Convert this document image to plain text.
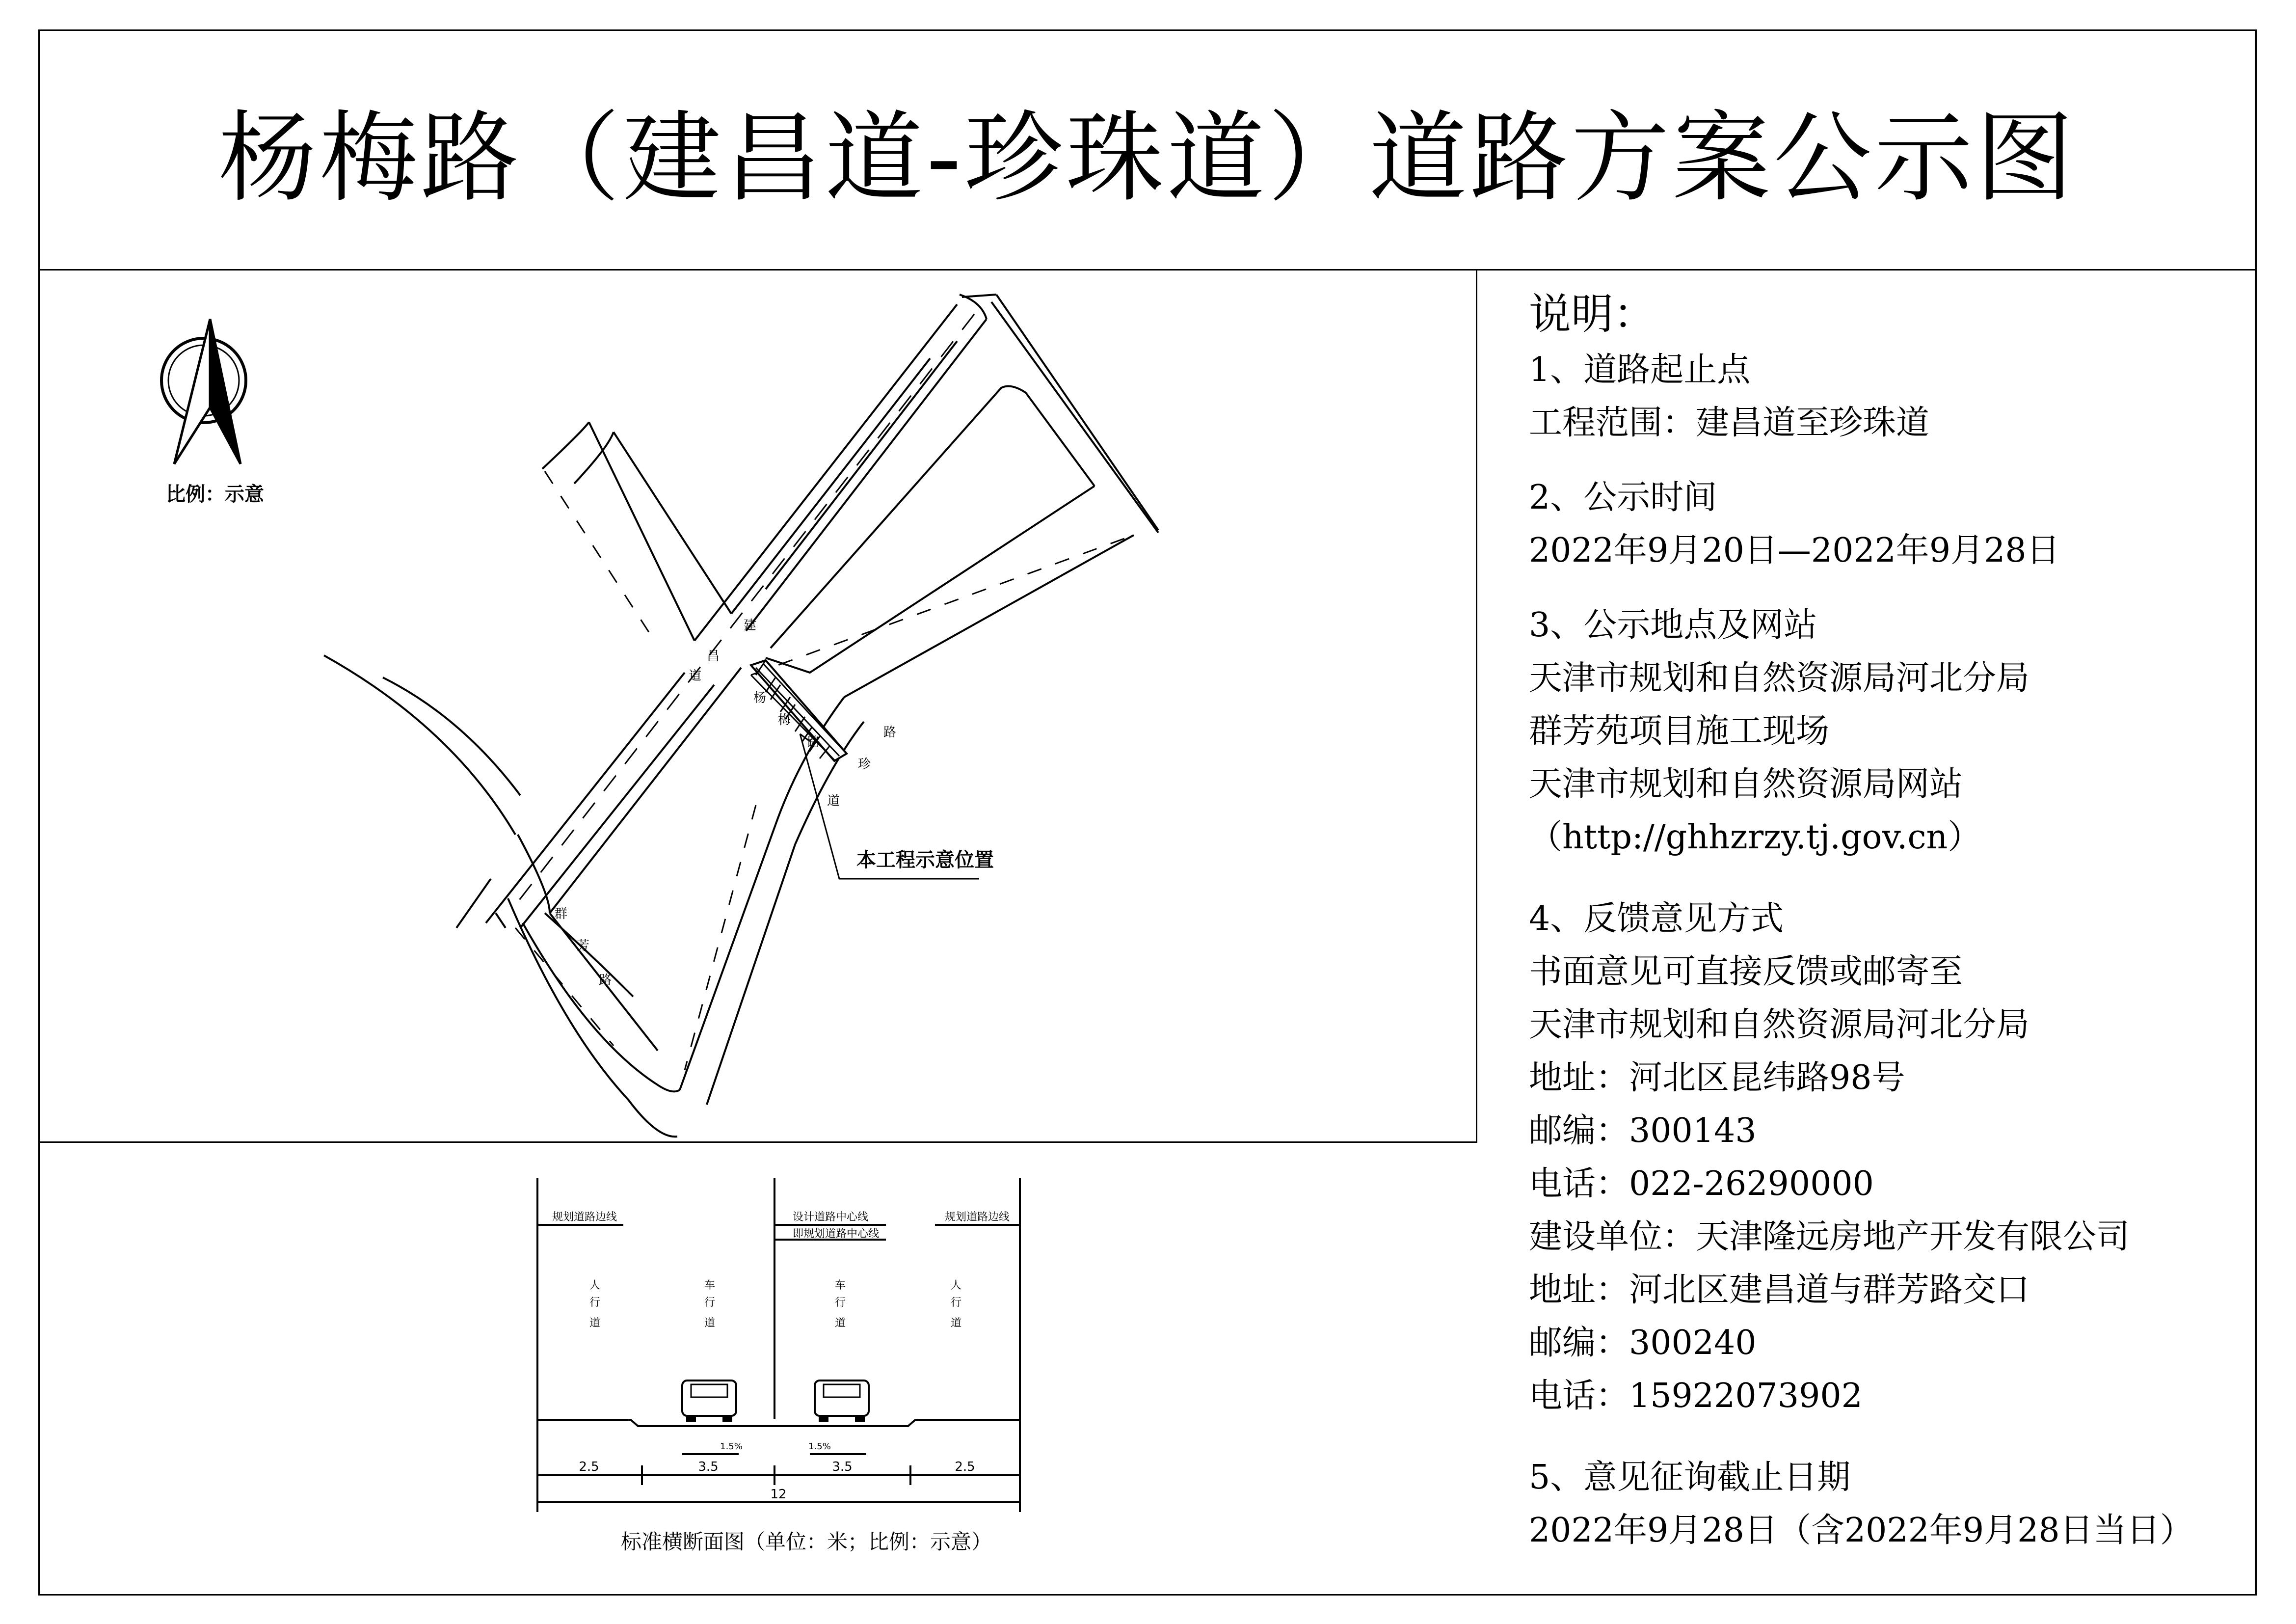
杨梅路（建昌道-珍珠道）道路方案公示图
比例：示意
本工程示意位置
建
昌
道
杨
梅
路
路
珍
道
群
芳
路
规划道路边线	设计道路中心线
即规划道路中心线
规划道路边线
人
行
道
车
行
道
车
行
道
人
行
道
1.5%	1.5%
2.5	3.5	3.5	2.5
12
标准横断面图（单位：米；比例：示意）
说明：
1、道路起止点
工程范围：建昌道至珍珠道
2、公示时间
2022年9月20日—2022年9月28日
3、公示地点及网站
天津市规划和自然资源局河北分局
群芳苑项目施工现场
天津市规划和自然资源局网站
（http://ghhzrzy.tj.gov.cn）
4、反馈意见方式
书面意见可直接反馈或邮寄至
天津市规划和自然资源局河北分局
地址：河北区昆纬路98号
邮编：300143
电话：022-26290000
建设单位：天津隆远房地产开发有限公司
地址：河北区建昌道与群芳路交口
邮编：300240
电话：15922073902
5、意见征询截止日期
2022年9月28日（含2022年9月28日当日）
